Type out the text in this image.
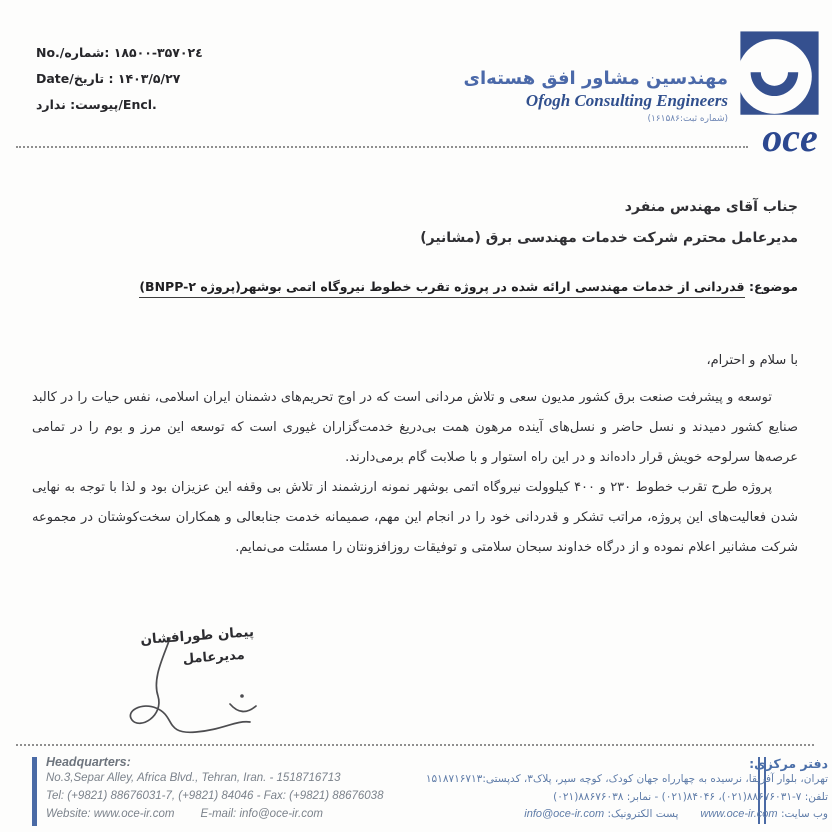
No./شماره: ۱۸۵۰۰-۳۵۷۰۲٤
Date/تاریخ : ۱۴۰۳/۵/۲۷
ندارد :پیوست/Encl.
مهندسین مشاور افق هسته‌ای
Ofogh Consulting Engineers
(شماره ثبت:۱۶۱۵۸۶) oce
جناب آقای مهندس منفرد
مدیرعامل محترم شرکت خدمات مهندسی برق (مشانیر)
موضوع: قدردانی از خدمات مهندسی ارائه شده در پروژه تقرب خطوط نیروگاه اتمی بوشهر(پروژه BNPP-۲)
با سلام و احترام،
توسعه و پیشرفت صنعت برق کشور مدیون سعی و تلاش مردانی است که در اوج تحریم‌های دشمنان ایران اسلامی، نفس حیات را در کالبد صنایع کشور دمیدند و نسل حاضر و نسل‌های آینده مرهون همت بی‌دریغ خدمت‌گزاران غیوری است که توسعه این مرز و بوم را در تمامی عرصه‌ها سرلوحه خویش قرار داده‌اند و در این راه استوار و با صلابت گام برمی‌دارند.
پروژه طرح تقرب خطوط ۲۳۰ و ۴۰۰ کیلوولت نیروگاه اتمی بوشهر نمونه ارزشمند از تلاش بی وقفه این عزیزان بود و لذا با توجه به نهایی شدن فعالیت‌های این پروژه، مراتب تشکر و قدردانی خود را در انجام این مهم، صمیمانه خدمت جنابعالی و همکاران سخت‌کوشتان در مجموعه شرکت مشانیر اعلام نموده و از درگاه خداوند سبحان سلامتی و توفیقات روزافزونتان را مسئلت می‌نمایم.
پیمان طورافشان
مدیرعامل
Headquarters:
No.3,Separ Alley, Africa Blvd., Tehran, Iran. - 1518716713
Tel: (+9821) 88676031-7, (+9821) 84046 - Fax: (+9821) 88676038
Website: www.oce-ir.com E-mail: info@oce-ir.com
دفتر مرکزی:
تهران، بلوار آفریقا، نرسیده به چهارراه جهان کودک، کوچه سپر، پلاک۳، کدپستی:۱۵۱۸۷۱۶۷۱۳
تلفن: ۷-۸۸۶۷۶۰۳۱(۰۲۱)، ۸۴۰۴۶(۰۲۱) - نمابر: ۸۸۶۷۶۰۳۸(۰۲۱)
وب سایت: www.oce-ir.comپست الکترونیک: info@oce-ir.com
